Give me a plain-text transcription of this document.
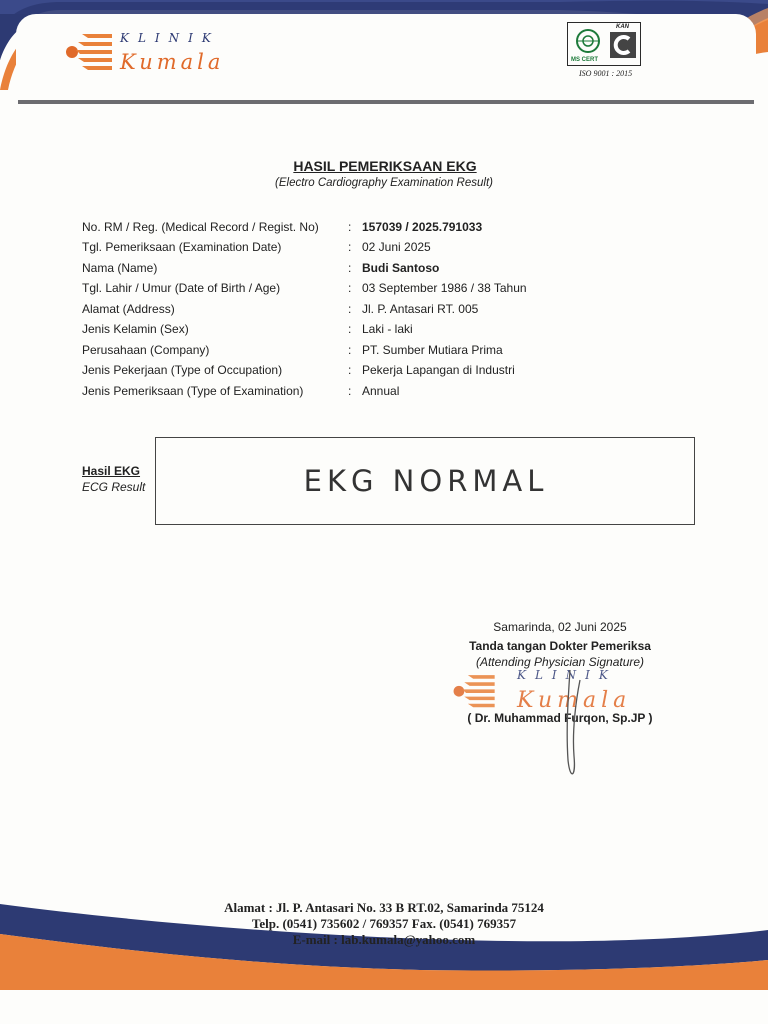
KLINIK
Kumala	MS CERT
KAN
ISO 9001 : 2015
HASIL PEMERIKSAAN EKG
(Electro Cardiography Examination Result)
No. RM / Reg. (Medical Record / Regist. No) : 157039 / 2025.791033
Tgl. Pemeriksaan (Examination Date)	: 02 Juni 2025
Nama (Name)	: Budi Santoso
Tgl. Lahir / Umur (Date of Birth / Age)	: 03 September 1986 / 38 Tahun
Alamat (Address)	: Jl. P. Antasari RT. 005
Jenis Kelamin (Sex)	: Laki - laki
Perusahaan (Company)	: PT. Sumber Mutiara Prima
Jenis Pekerjaan (Type of Occupation)	: Pekerja Lapangan di Industri
Jenis Pemeriksaan (Type of Examination)	: Annual
Hasil EKG
ECG Result	EKG NORMAL
KLINIK
Kumala
Samarinda, 02 Juni 2025
Tanda tangan Dokter Pemeriksa
(Attending Physician Signature)
( Dr. Muhammad Furqon, Sp.JP )
Alamat : Jl. P. Antasari No. 33 B RT.02, Samarinda 75124
Telp. (0541) 735602 / 769357 Fax. (0541) 769357
E-mail : lab.kumala@yahoo.com
